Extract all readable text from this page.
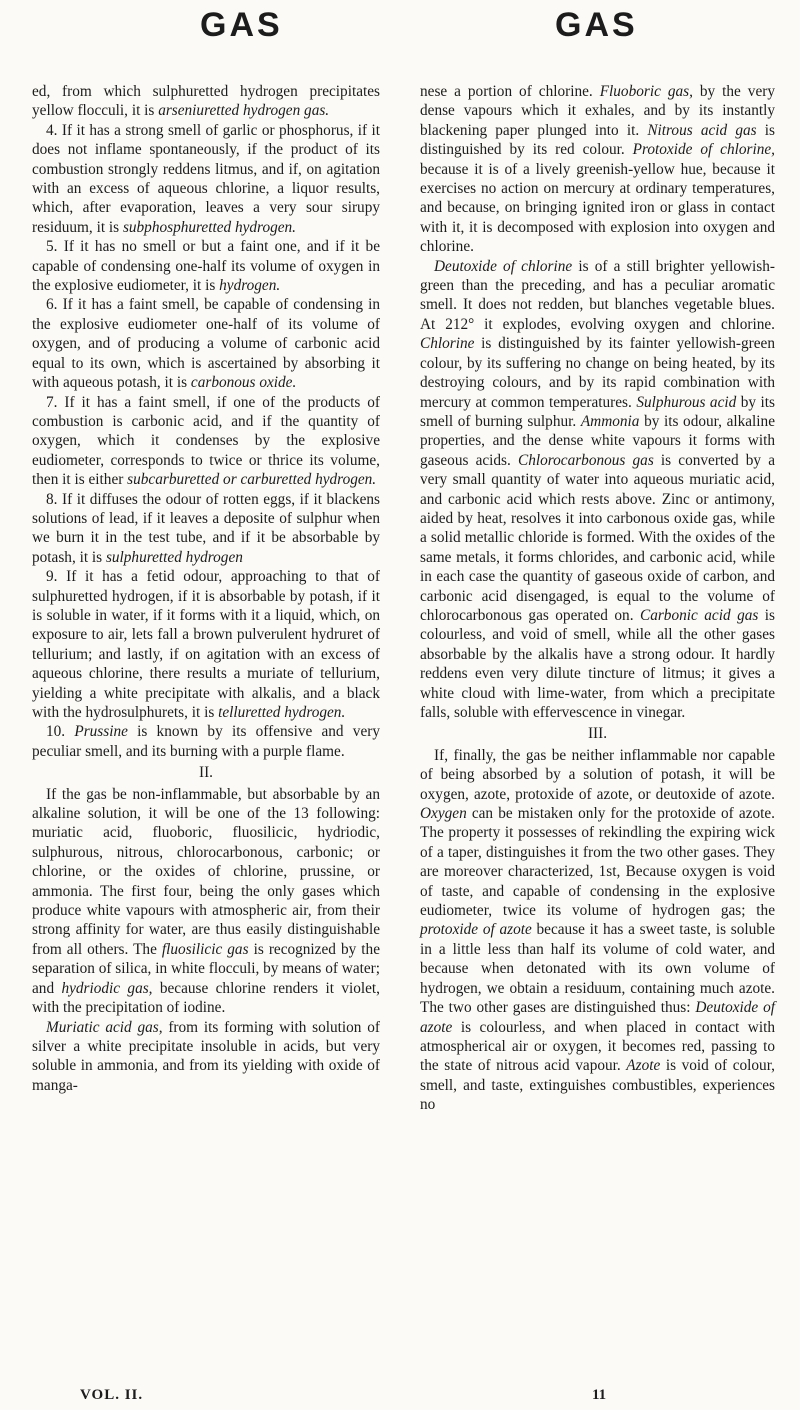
GAS	GAS

ed, from which sulphuretted hydrogen precipitates yellow flocculi, it is arseniuretted hydrogen gas.

4. If it has a strong smell of garlic or phosphorus, if it does not inflame spontaneously, if the product of its combustion strongly reddens litmus, and if, on agitation with an excess of aqueous chlorine, a liquor results, which, after evaporation, leaves a very sour sirupy residuum, it is subphosphuretted hydrogen.

5. If it has no smell or but a faint one, and if it be capable of condensing one-half its volume of oxygen in the explosive eudiometer, it is hydrogen.

6. If it has a faint smell, be capable of condensing in the explosive eudiometer one-half of its volume of oxygen, and of producing a volume of carbonic acid equal to its own, which is ascertained by absorbing it with aqueous potash, it is carbonous oxide.

7. If it has a faint smell, if one of the products of combustion is carbonic acid, and if the quantity of oxygen, which it condenses by the explosive eudiometer, corresponds to twice or thrice its volume, then it is either subcarburetted or carburetted hydrogen.

8. If it diffuses the odour of rotten eggs, if it blackens solutions of lead, if it leaves a deposite of sulphur when we burn it in the test tube, and if it be absorbable by potash, it is sulphuretted hydrogen

9. If it has a fetid odour, approaching to that of sulphuretted hydrogen, if it is absorbable by potash, if it is soluble in water, if it forms with it a liquid, which, on exposure to air, lets fall a brown pulverulent hydruret of tellurium; and lastly, if on agitation with an excess of aqueous chlorine, there results a muriate of tellurium, yielding a white precipitate with alkalis, and a black with the hydrosulphurets, it is telluretted hydrogen.

10. Prussine is known by its offensive and very peculiar smell, and its burning with a purple flame.

II.

If the gas be non-inflammable, but absorbable by an alkaline solution, it will be one of the 13 following: muriatic acid, fluoboric, fluosilicic, hydriodic, sulphurous, nitrous, chlorocarbonous, carbonic; or chlorine, or the oxides of chlorine, prussine, or ammonia. The first four, being the only gases which produce white vapours with atmospheric air, from their strong affinity for water, are thus easily distinguishable from all others. The fluosilicic gas is recognized by the separation of silica, in white flocculi, by means of water; and hydriodic gas, because chlorine renders it violet, with the precipitation of iodine.

Muriatic acid gas, from its forming with solution of silver a white precipitate insoluble in acids, but very soluble in ammonia, and from its yielding with oxide of manga-

nese a portion of chlorine. Fluoboric gas, by the very dense vapours which it exhales, and by its instantly blackening paper plunged into it. Nitrous acid gas is distinguished by its red colour. Protoxide of chlorine, because it is of a lively greenish-yellow hue, because it exercises no action on mercury at ordinary temperatures, and because, on bringing ignited iron or glass in contact with it, it is decomposed with explosion into oxygen and chlorine.

Deutoxide of chlorine is of a still brighter yellowish-green than the preceding, and has a peculiar aromatic smell. It does not redden, but blanches vegetable blues. At 212° it explodes, evolving oxygen and chlorine. Chlorine is distinguished by its fainter yellowish-green colour, by its suffering no change on being heated, by its destroying colours, and by its rapid combination with mercury at common temperatures. Sulphurous acid by its smell of burning sulphur. Ammonia by its odour, alkaline properties, and the dense white vapours it forms with gaseous acids. Chlorocarbonous gas is converted by a very small quantity of water into aqueous muriatic acid, and carbonic acid which rests above. Zinc or antimony, aided by heat, resolves it into carbonous oxide gas, while a solid metallic chloride is formed. With the oxides of the same metals, it forms chlorides, and carbonic acid, while in each case the quantity of gaseous oxide of carbon, and carbonic acid disengaged, is equal to the volume of chlorocarbonous gas operated on. Carbonic acid gas is colourless, and void of smell, while all the other gases absorbable by the alkalis have a strong odour. It hardly reddens even very dilute tincture of litmus; it gives a white cloud with lime-water, from which a precipitate falls, soluble with effervescence in vinegar.

III.

If, finally, the gas be neither inflammable nor capable of being absorbed by a solution of potash, it will be oxygen, azote, protoxide of azote, or deutoxide of azote. Oxygen can be mistaken only for the protoxide of azote. The property it possesses of rekindling the expiring wick of a taper, distinguishes it from the two other gases. They are moreover characterized, 1st, Because oxygen is void of taste, and capable of condensing in the explosive eudiometer, twice its volume of hydrogen gas; the protoxide of azote because it has a sweet taste, is soluble in a little less than half its volume of cold water, and because when detonated with its own volume of hydrogen, we obtain a residuum, containing much azote. The two other gases are distinguished thus: Deutoxide of azote is colourless, and when placed in contact with atmospherical air or oxygen, it becomes red, passing to the state of nitrous acid vapour. Azote is void of colour, smell, and taste, extinguishes combustibles, experiences no

VOL. II.	11
